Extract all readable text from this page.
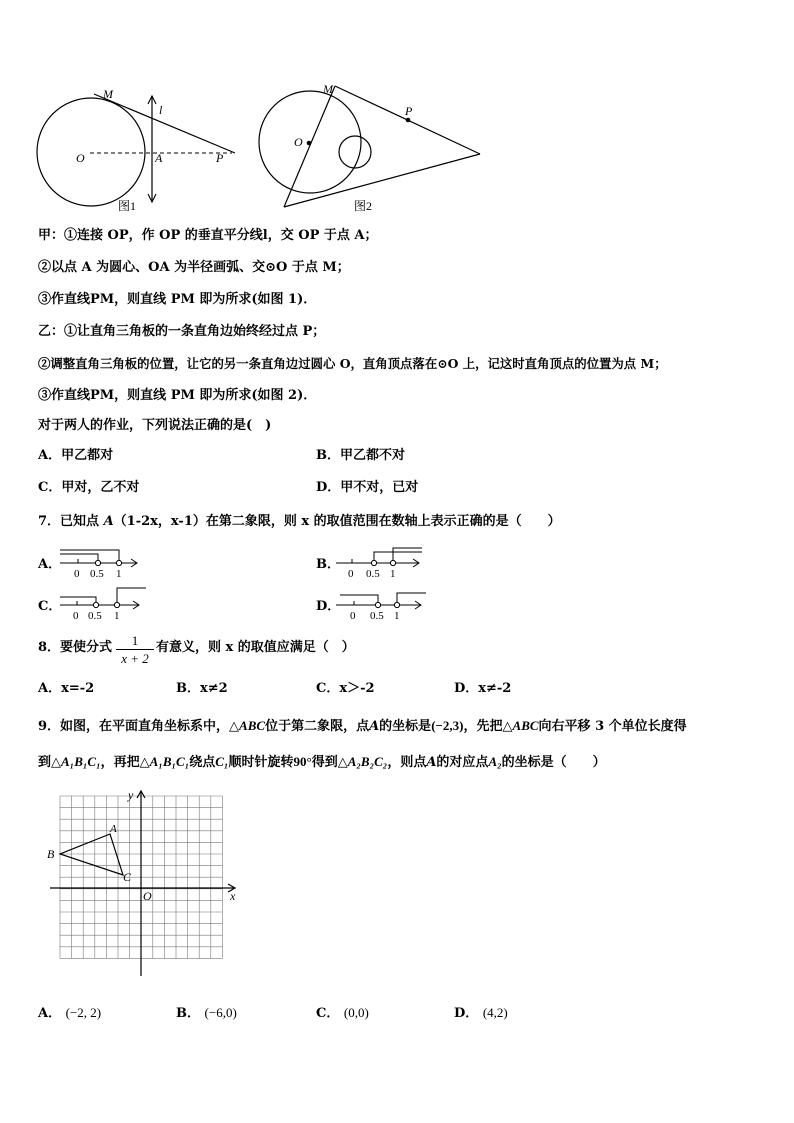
M
l
O	A	P
图1
M
O
P
图2
甲：①连接 OP，作 OP 的垂直平分线l，交 OP 于点 A；
②以点 A 为圆心、OA 为半径画弧、交⊙O 于点 M；
③作直线PM，则直线 PM 即为所求(如图 1)．
乙：①让直角三角板的一条直角边始终经过点 P；
②调整直角三角板的位置，让它的另一条直角边过圆心 O，直角顶点落在⊙O 上，记这时直角顶点的位置为点 M；
③作直线PM，则直线 PM 即为所求(如图 2)．
对于两人的作业，下列说法正确的是(　)
A．甲乙都对	B．甲乙都不对
C．甲对，乙不对	D．甲不对，已对
7．已知点 A（1-2x，x-1）在第二象限，则 x 的取值范围在数轴上表示正确的是（　　）
A．
0 0.5 1
B．
0 0.5 1
C．
0 0.5 1
D．
0 0.5 1
8．要使分式	1
x + 2
有意义，则 x 的取值应满足（　）
A．x=-2	B．x≠2	C．x＞-2	D．x≠-2
9．如图，在平面直角坐标系中，△ABC位于第二象限，点A的坐标是(−2,3)，先把△ABC向右平移 3 个单位长度得
到△A₁B₁C₁，再把△A₁B₁C₁绕点C₁顺时针旋转90°得到△A₂B₂C₂，则点A的对应点A₂的坐标是（　　）
x
y
O
A
B
C
A． (−2, 2)	B． (−6,0)	C． (0,0)	D． (4,2)
